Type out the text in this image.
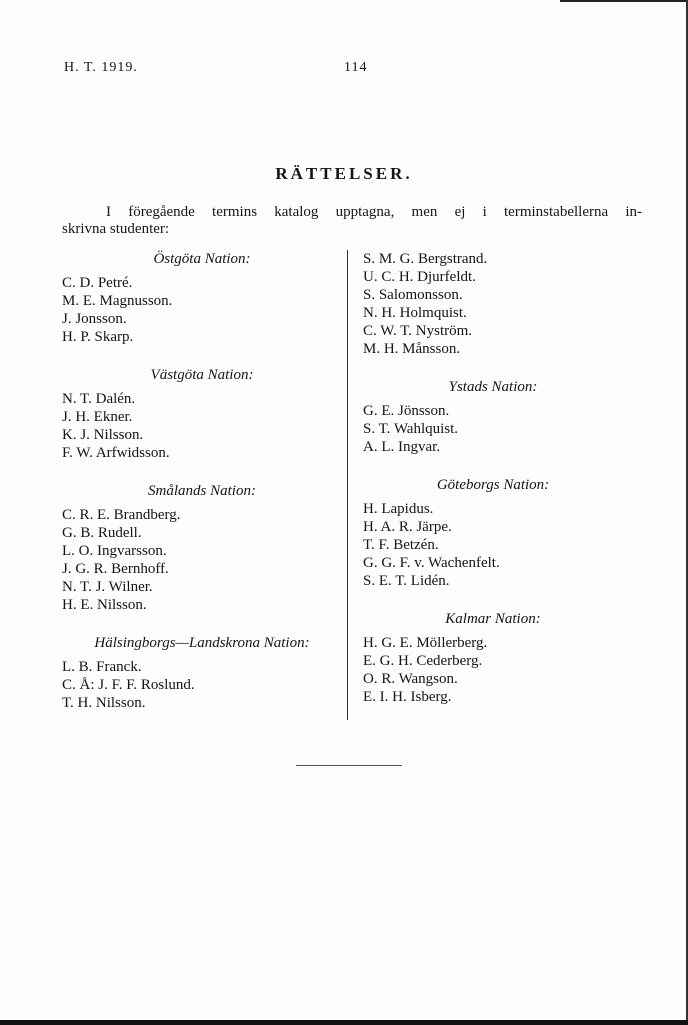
H. T. 1919.	114
RÄTTELSER.
I föregående termins katalog upptagna, men ej i terminstabellerna in-
skrivna studenter:
Östgöta Nation:
C. D. Petré.
M. E. Magnusson.
J. Jonsson.
H. P. Skarp.
Västgöta Nation:
N. T. Dalén.
J. H. Ekner.
K. J. Nilsson.
F. W. Arfwidsson.
Smålands Nation:
C. R. E. Brandberg.
G. B. Rudell.
L. O. Ingvarsson.
J. G. R. Bernhoff.
N. T. J. Wilner.
H. E. Nilsson.
Hälsingborgs—Landskrona Nation:
L. B. Franck.
C. Å: J. F. F. Roslund.
T. H. Nilsson.
S. M. G. Bergstrand.
U. C. H. Djurfeldt.
S. Salomonsson.
N. H. Holmquist.
C. W. T. Nyström.
M. H. Månsson.
Ystads Nation:
G. E. Jönsson.
S. T. Wahlquist.
A. L. Ingvar.
Göteborgs Nation:
H. Lapidus.
H. A. R. Järpe.
T. F. Betzén.
G. G. F. v. Wachenfelt.
S. E. T. Lidén.
Kalmar Nation:
H. G. E. Möllerberg.
E. G. H. Cederberg.
O. R. Wangson.
E. I. H. Isberg.
